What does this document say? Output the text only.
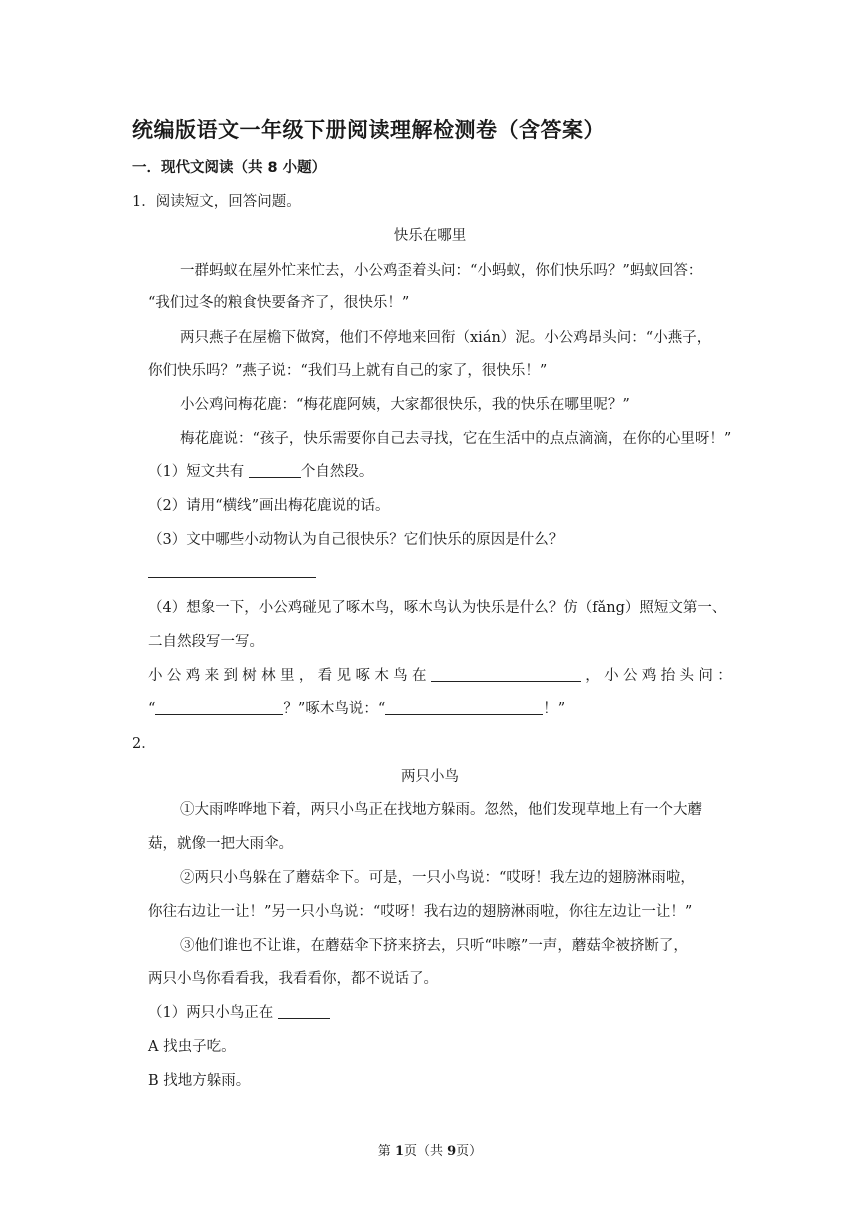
统编版语文一年级下册阅读理解检测卷（含答案）
一．现代文阅读（共 8 小题）
1．阅读短文，回答问题。
快乐在哪里
一群蚂蚁在屋外忙来忙去，小公鸡歪着头问：“小蚂蚁，你们快乐吗？”蚂蚁回答：
“我们过冬的粮食快要备齐了，很快乐！”
两只燕子在屋檐下做窝，他们不停地来回衔（xián）泥。小公鸡昂头问：“小燕子，
你们快乐吗？”燕子说：“我们马上就有自己的家了，很快乐！”
小公鸡问梅花鹿：“梅花鹿阿姨，大家都很快乐，我的快乐在哪里呢？”
梅花鹿说：“孩子，快乐需要你自己去寻找，它在生活中的点点滴滴，在你的心里呀！”
（1）短文共有	个自然段。
（2）请用“横线”画出梅花鹿说的话。
（3）文中哪些小动物认为自己很快乐？它们快乐的原因是什么？
（4）想象一下，小公鸡碰见了啄木鸟，啄木鸟认为快乐是什么？仿（fǎng）照短文第一、
二自然段写一写。
小 公 鸡 来 到 树 林 里 ， 看 见 啄 木 鸟 在	， 小 公 鸡 抬 头 问 ：
“	？”啄木鸟说：“	！”
2．
两只小鸟
①大雨哗哗地下着，两只小鸟正在找地方躲雨。忽然，他们发现草地上有一个大蘑
菇，就像一把大雨伞。
②两只小鸟躲在了蘑菇伞下。可是，一只小鸟说：“哎呀！我左边的翅膀淋雨啦，
你往右边让一让！”另一只小鸟说：“哎呀！我右边的翅膀淋雨啦，你往左边让一让！”
③他们谁也不让谁，在蘑菇伞下挤来挤去，只听“咔嚓”一声，蘑菇伞被挤断了，
两只小鸟你看看我，我看看你，都不说话了。
（1）两只小鸟正在
A 找虫子吃。
B 找地方躲雨。
第 1页（共 9页）
